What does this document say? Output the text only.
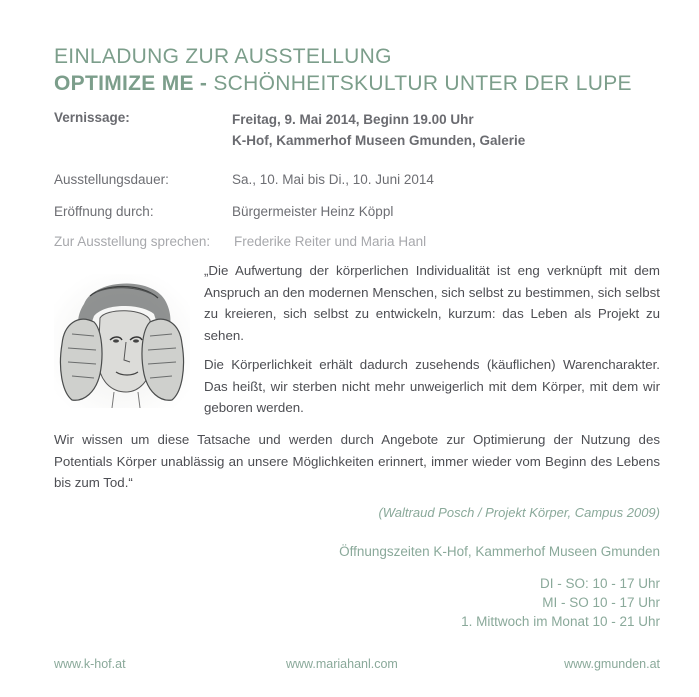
EINLADUNG ZUR AUSSTELLUNG
OPTIMIZE ME - SCHÖNHEITSKULTUR UNTER DER LUPE
Vernissage:	Freitag, 9. Mai 2014, Beginn 19.00 Uhr
K-Hof, Kammerhof Museen Gmunden, Galerie
Ausstellungsdauer:	Sa., 10. Mai bis Di., 10. Juni 2014
Eröffnung durch:	Bürgermeister Heinz Köppl
Zur Ausstellung sprechen: Frederike Reiter und Maria Hanl

„Die Aufwertung der körperlichen Individualität ist eng verknüpft mit dem Anspruch an den modernen Menschen, sich selbst zu bestimmen, sich selbst zu kreieren, sich selbst zu entwickeln, kurzum: das Leben als Projekt zu sehen.

Die Körperlichkeit erhält dadurch zusehends (käuflichen) Warencharakter. Das heißt, wir sterben nicht mehr unweigerlich mit dem Körper, mit dem wir geboren werden.

Wir wissen um diese Tatsache und werden durch Angebote zur Optimierung der Nutzung des Potentials Körper unablässig an unsere Möglichkeiten erinnert, immer wieder vom Beginn des Lebens bis zum Tod.“

(Waltraud Posch / Projekt Körper, Campus 2009)
Öffnungszeiten K-Hof, Kammerhof Museen Gmunden
DI - SO: 10 - 17 Uhr
MI - SO 10 - 17 Uhr
1. Mittwoch im Monat 10 - 21 Uhr
www.k-hof.at	www.mariahanl.com	www.gmunden.at
